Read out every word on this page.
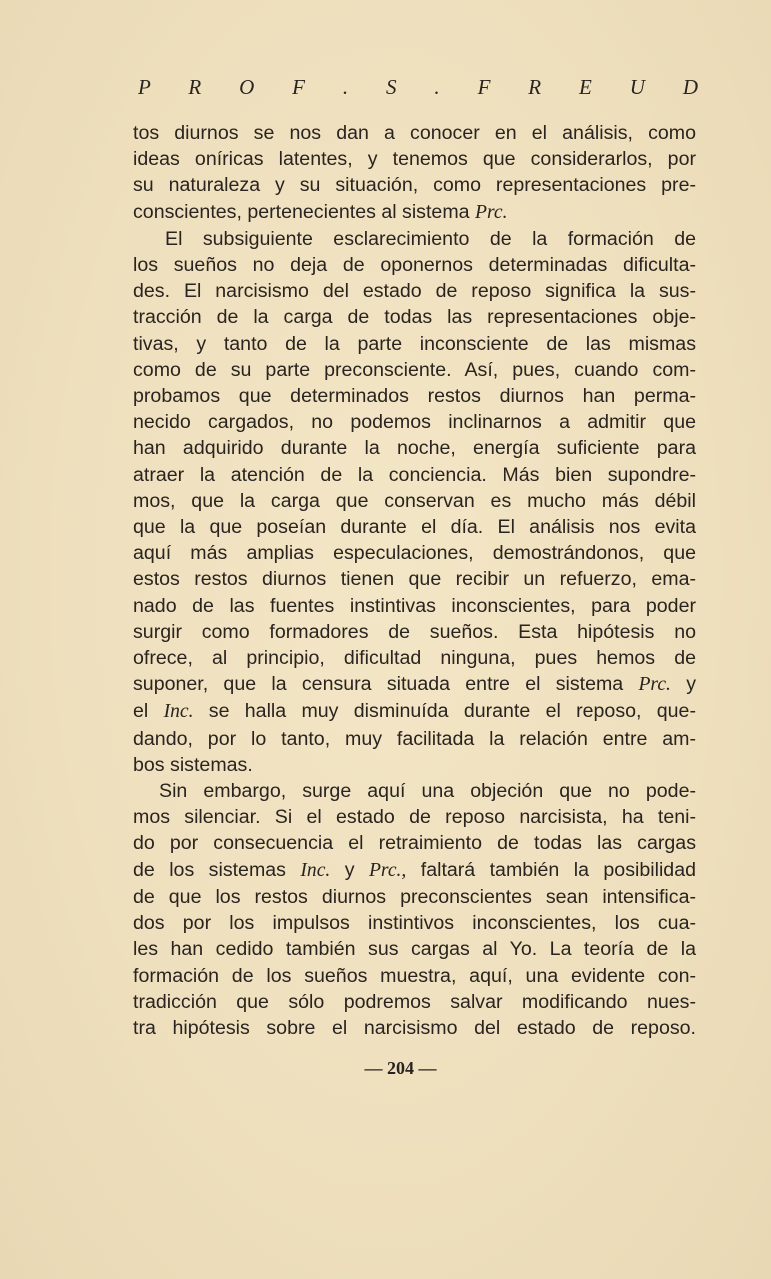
P R O F . S . F R E U D

tos diurnos se nos dan a conocer en el análisis, como
ideas oníricas latentes, y tenemos que considerarlos, por
su naturaleza y su situación, como representaciones pre-
conscientes, pertenecientes al sistema Prc.

El subsiguiente esclarecimiento de la formación de
los sueños no deja de oponernos determinadas dificulta-
des. El narcisismo del estado de reposo significa la sus-
tracción de la carga de todas las representaciones obje-
tivas, y tanto de la parte inconsciente de las mismas
como de su parte preconsciente. Así, pues, cuando com-
probamos que determinados restos diurnos han perma-
necido cargados, no podemos inclinarnos a admitir que
han adquirido durante la noche, energía suficiente para
atraer la atención de la conciencia. Más bien supondre-
mos, que la carga que conservan es mucho más débil
que la que poseían durante el día. El análisis nos evita
aquí más amplias especulaciones, demostrándonos, que
estos restos diurnos tienen que recibir un refuerzo, ema-
nado de las fuentes instintivas inconscientes, para poder
surgir como formadores de sueños. Esta hipótesis no
ofrece, al principio, dificultad ninguna, pues hemos de
suponer, que la censura situada entre el sistema Prc. y
el Inc. se halla muy disminuída durante el reposo, que-
dando, por lo tanto, muy facilitada la relación entre am-
bos sistemas.

Sin embargo, surge aquí una objeción que no pode-
mos silenciar. Si el estado de reposo narcisista, ha teni-
do por consecuencia el retraimiento de todas las cargas
de los sistemas Inc. y Prc., faltará también la posibilidad
de que los restos diurnos preconscientes sean intensifica-
dos por los impulsos instintivos inconscientes, los cua-
les han cedido también sus cargas al Yo. La teoría de la
formación de los sueños muestra, aquí, una evidente con-
tradicción que sólo podremos salvar modificando nues-
tra hipótesis sobre el narcisismo del estado de reposo.

— 204 —
